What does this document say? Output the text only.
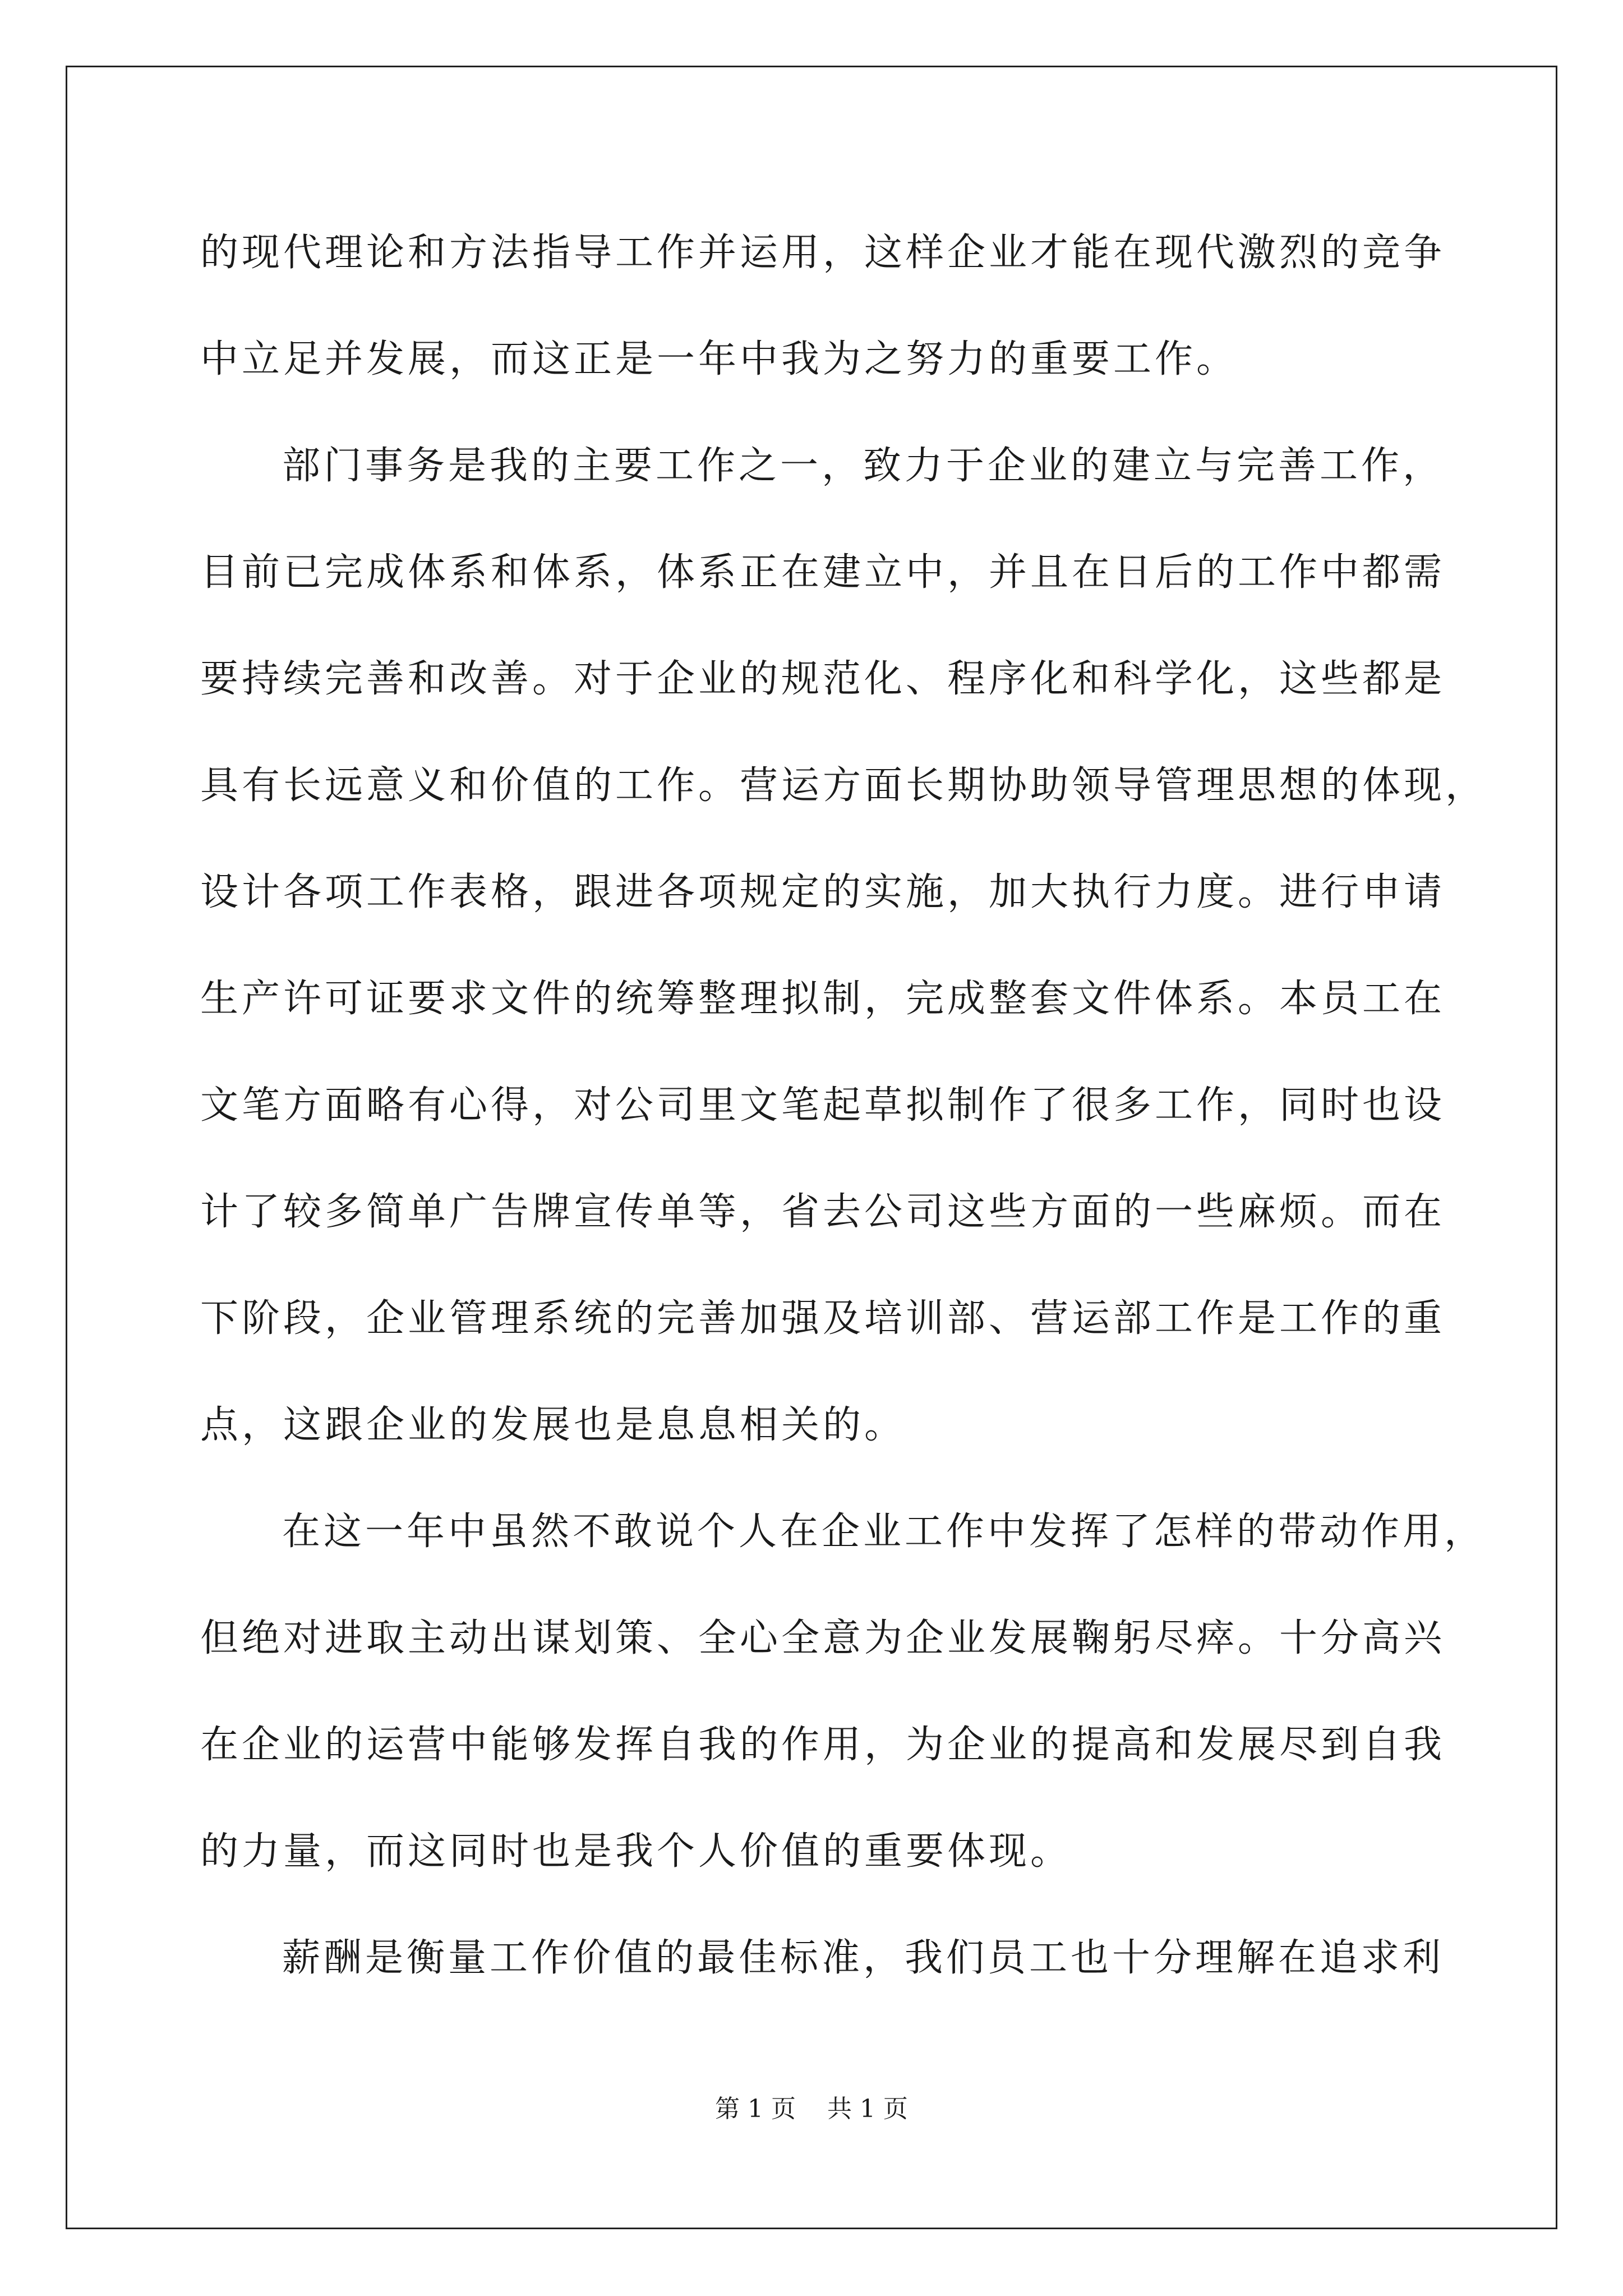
的现代理论和方法指导工作并运用，这样企业才能在现代激烈的竞争
中立足并发展，而这正是一年中我为之努力的重要工作。
部门事务是我的主要工作之一，致力于企业的建立与完善工作，
目前已完成体系和体系，体系正在建立中，并且在日后的工作中都需
要持续完善和改善。对于企业的规范化、程序化和科学化，这些都是
具有长远意义和价值的工作。营运方面长期协助领导管理思想的体现，
设计各项工作表格，跟进各项规定的实施，加大执行力度。进行申请
生产许可证要求文件的统筹整理拟制，完成整套文件体系。本员工在
文笔方面略有心得，对公司里文笔起草拟制作了很多工作，同时也设
计了较多简单广告牌宣传单等，省去公司这些方面的一些麻烦。而在
下阶段，企业管理系统的完善加强及培训部、营运部工作是工作的重
点，这跟企业的发展也是息息相关的。
在这一年中虽然不敢说个人在企业工作中发挥了怎样的带动作用，
但绝对进取主动出谋划策、全心全意为企业发展鞠躬尽瘁。十分高兴
在企业的运营中能够发挥自我的作用，为企业的提高和发展尽到自我
的力量，而这同时也是我个人价值的重要体现。
薪酬是衡量工作价值的最佳标准，我们员工也十分理解在追求利
第 1 页    共 1 页
